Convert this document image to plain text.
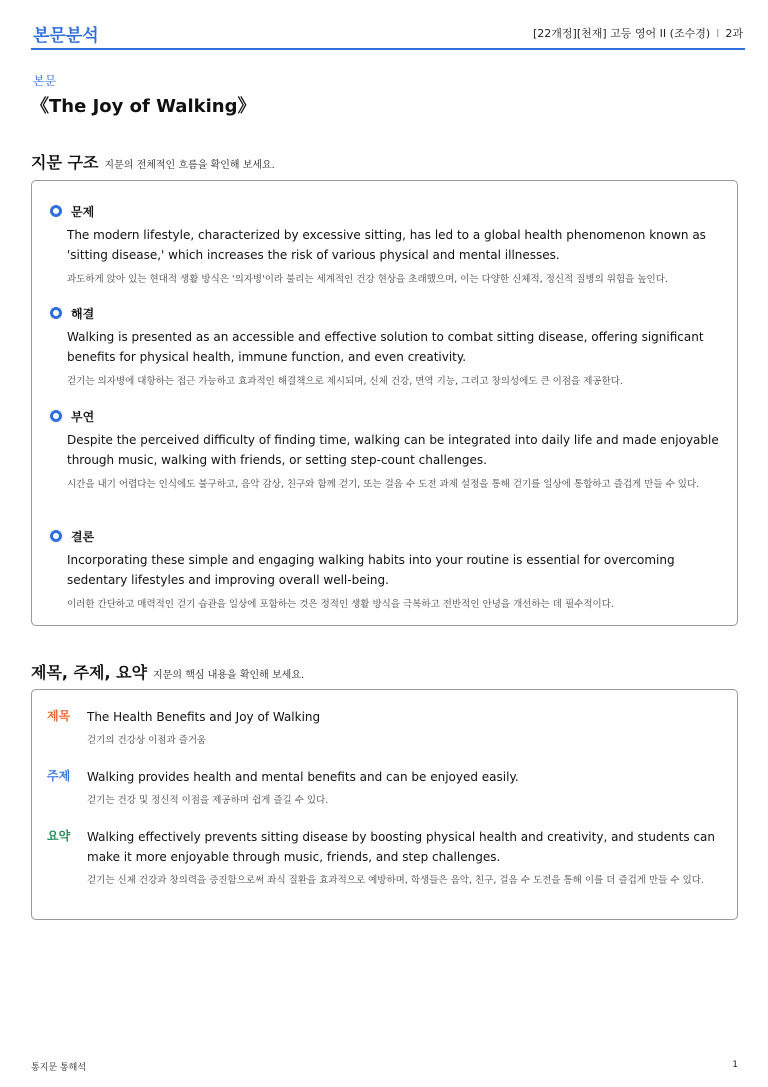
본문분석	[22개정][천재] 고등 영어 II (조수경) I 2과
본문
《The Joy of Walking》
지문 구조 지문의 전체적인 흐름을 확인해 보세요.
문제
The modern lifestyle, characterized by excessive sitting, has led to a global health phenomenon known as 'sitting disease,' which increases the risk of various physical and mental illnesses.
과도하게 앉아 있는 현대적 생활 방식은 '의자병'이라 불리는 세계적인 건강 현상을 초래했으며, 이는 다양한 신체적, 정신적 질병의 위험을 높인다.
해결
Walking is presented as an accessible and effective solution to combat sitting disease, offering significant benefits for physical health, immune function, and even creativity.
걷기는 의자병에 대항하는 접근 가능하고 효과적인 해결책으로 제시되며, 신체 건강, 면역 기능, 그리고 창의성에도 큰 이점을 제공한다.
부연
Despite the perceived difficulty of finding time, walking can be integrated into daily life and made enjoyable through music, walking with friends, or setting step-count challenges.
시간을 내기 어렵다는 인식에도 불구하고, 음악 감상, 친구와 함께 걷기, 또는 걸음 수 도전 과제 설정을 통해 걷기를 일상에 통합하고 즐겁게 만들 수 있다.
결론
Incorporating these simple and engaging walking habits into your routine is essential for overcoming sedentary lifestyles and improving overall well-being.
이러한 간단하고 매력적인 걷기 습관을 일상에 포함하는 것은 정적인 생활 방식을 극복하고 전반적인 안녕을 개선하는 데 필수적이다.
제목, 주제, 요약 지문의 핵심 내용을 확인해 보세요.
제목 The Health Benefits and Joy of Walking
걷기의 건강상 이점과 즐거움
주제 Walking provides health and mental benefits and can be enjoyed easily.
걷기는 건강 및 정신적 이점을 제공하며 쉽게 즐길 수 있다.
요약 Walking effectively prevents sitting disease by boosting physical health and creativity, and students can make it more enjoyable through music, friends, and step challenges.
걷기는 신체 건강과 창의력을 증진함으로써 좌식 질환을 효과적으로 예방하며, 학생들은 음악, 친구, 걸음 수 도전을 통해 이를 더 즐겁게 만들 수 있다.
통지문 통해석	1
